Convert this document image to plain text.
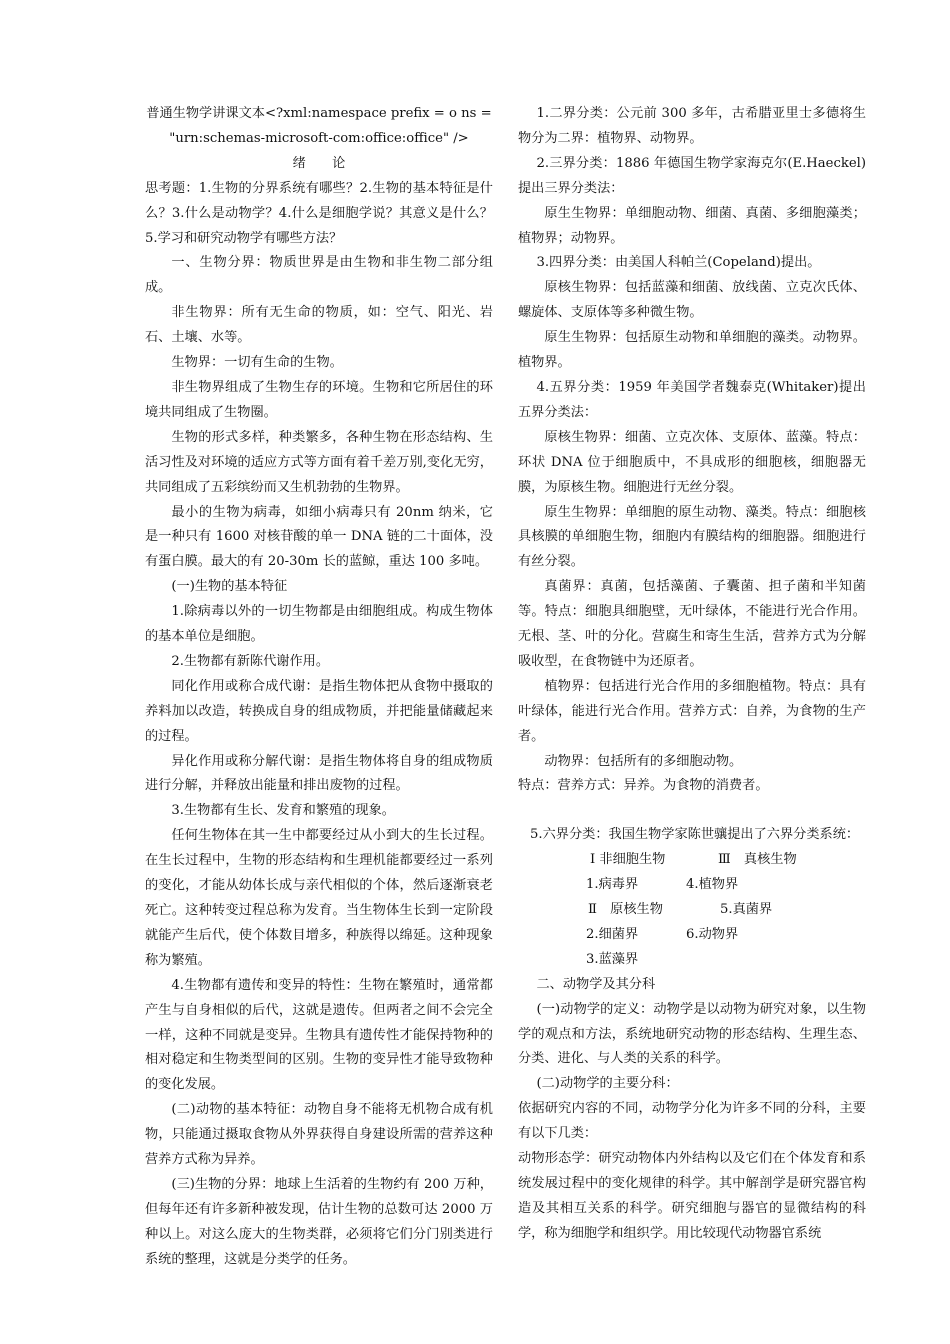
普通生物学讲课文本<?xml:namespace prefix = o ns =

"urn:schemas-microsoft-com:office:office" />

绪　　论

思考题：1.生物的分界系统有哪些？2.生物的基本特征是什么？3.什么是动物学？4.什么是细胞学说？其意义是什么？5.学习和研究动物学有哪些方法？

一、生物分界：物质世界是由生物和非生物二部分组成。

非生物界：所有无生命的物质，如：空气、阳光、岩石、土壤、水等。

生物界：一切有生命的生物。

非生物界组成了生物生存的环境。生物和它所居住的环境共同组成了生物圈。

生物的形式多样，种类繁多，各种生物在形态结构、生活习性及对环境的适应方式等方面有着千差万别,变化无穷，共同组成了五彩缤纷而又生机勃勃的生物界。

最小的生物为病毒，如细小病毒只有 20nm 纳米，它是一种只有 1600 对核苷酸的单一 DNA 链的二十面体，没有蛋白膜。最大的有 20-30m 长的蓝鲸，重达 100 多吨。

(一)生物的基本特征

1.除病毒以外的一切生物都是由细胞组成。构成生物体的基本单位是细胞。

2.生物都有新陈代谢作用。

同化作用或称合成代谢：是指生物体把从食物中摄取的养料加以改造，转换成自身的组成物质，并把能量储藏起来的过程。

异化作用或称分解代谢：是指生物体将自身的组成物质进行分解，并释放出能量和排出废物的过程。

3.生物都有生长、发育和繁殖的现象。

任何生物体在其一生中都要经过从小到大的生长过程。在生长过程中，生物的形态结构和生理机能都要经过一系列的变化，才能从幼体长成与亲代相似的个体，然后逐渐衰老死亡。这种转变过程总称为发育。当生物体生长到一定阶段就能产生后代，使个体数目增多，种族得以绵延。这种现象称为繁殖。

4.生物都有遗传和变异的特性：生物在繁殖时，通常都产生与自身相似的后代，这就是遗传。但两者之间不会完全一样，这种不同就是变异。生物具有遗传性才能保持物种的相对稳定和生物类型间的区别。生物的变异性才能导致物种的变化发展。

(二)动物的基本特征：动物自身不能将无机物合成有机物，只能通过摄取食物从外界获得自身建设所需的营养这种营养方式称为异养。

(三)生物的分界：地球上生活着的生物约有 200 万种，但每年还有许多新种被发现，估计生物的总数可达 2000 万种以上。对这么庞大的生物类群，必须将它们分门别类进行系统的整理，这就是分类学的任务。

1.二界分类：公元前 300 多年，古希腊亚里士多德将生物分为二界：植物界、动物界。

2.三界分类：1886 年德国生物学家海克尔(E.Haeckel)提出三界分类法：

原生生物界：单细胞动物、细菌、真菌、多细胞藻类；植物界；动物界。

3.四界分类：由美国人科帕兰(Copeland)提出。

原核生物界：包括蓝藻和细菌、放线菌、立克次氏体、螺旋体、支原体等多种微生物。

原生生物界：包括原生动物和单细胞的藻类。动物界。植物界。

4.五界分类：1959 年美国学者魏泰克(Whitaker)提出五界分类法：

原核生物界：细菌、立克次体、支原体、蓝藻。特点：环状 DNA 位于细胞质中，不具成形的细胞核，细胞器无膜，为原核生物。细胞进行无丝分裂。

原生生物界：单细胞的原生动物、藻类。特点：细胞核具核膜的单细胞生物，细胞内有膜结构的细胞器。细胞进行有丝分裂。

真菌界：真菌，包括藻菌、子囊菌、担子菌和半知菌等。特点：细胞具细胞壁，无叶绿体，不能进行光合作用。无根、茎、叶的分化。营腐生和寄生生活，营养方式为分解吸收型，在食物链中为还原者。

植物界：包括进行光合作用的多细胞植物。特点：具有叶绿体，能进行光合作用。营养方式：自养，为食物的生产者。

动物界：包括所有的多细胞动物。

特点：营养方式：异养。为食物的消费者。

5.六界分类：我国生物学家陈世骧提出了六界分类系统：

Ⅰ 非细胞生物	Ⅲ　真核生物
1.病毒界	4.植物界
Ⅱ　原核生物	5.真菌界
2.细菌界	6.动物界
3.蓝藻界

二、动物学及其分科

(一)动物学的定义：动物学是以动物为研究对象，以生物学的观点和方法，系统地研究动物的形态结构、生理生态、分类、进化、与人类的关系的科学。

(二)动物学的主要分科：

依据研究内容的不同，动物学分化为许多不同的分科，主要有以下几类：

动物形态学：研究动物体内外结构以及它们在个体发育和系统发展过程中的变化规律的科学。其中解剖学是研究器官构造及其相互关系的科学。研究细胞与器官的显微结构的科学，称为细胞学和组织学。用比较现代动物器官系统
